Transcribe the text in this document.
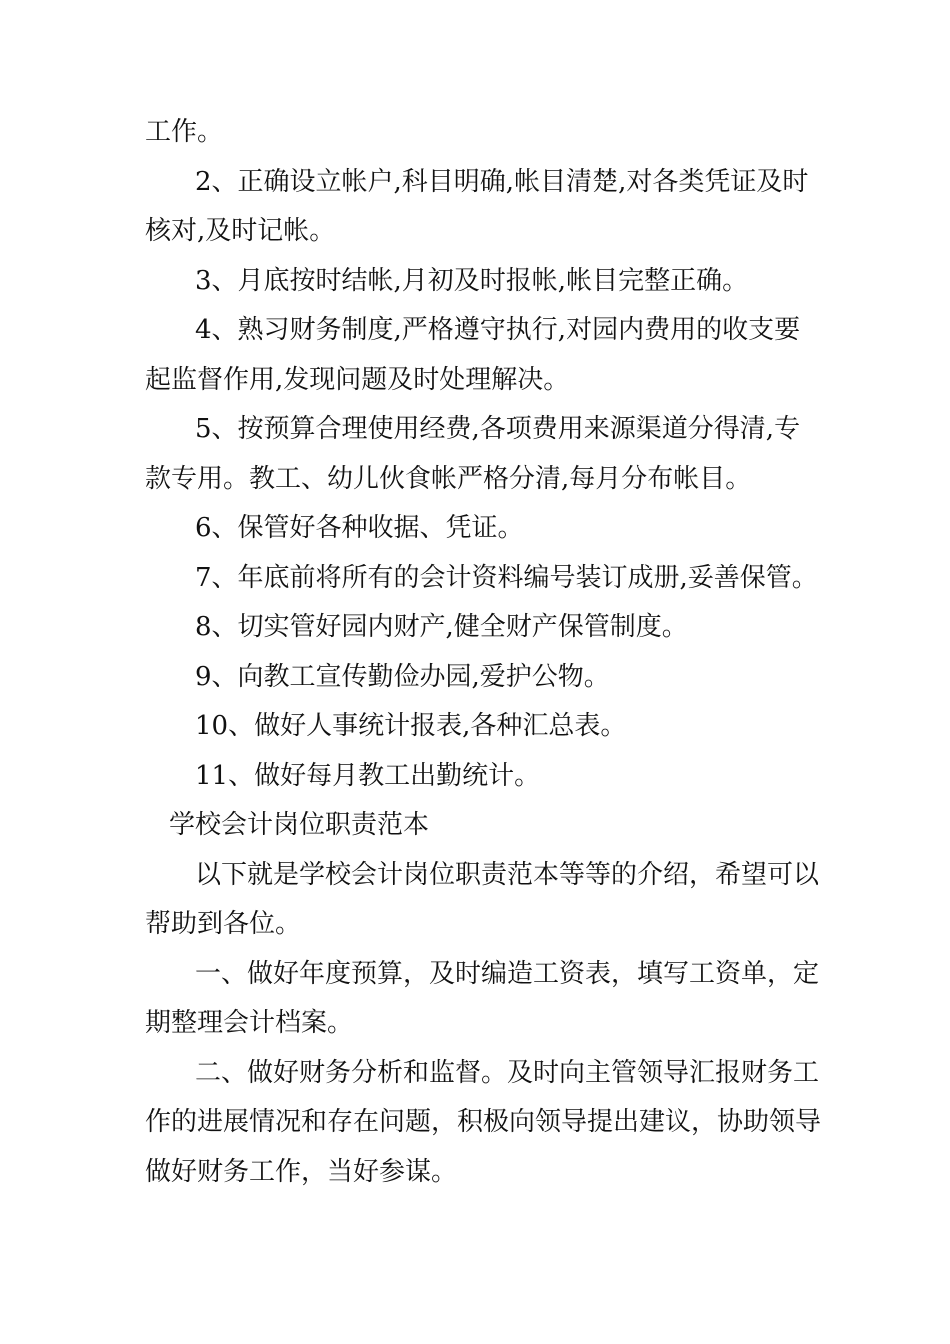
工作。
2、正确设立帐户,科目明确,帐目清楚,对各类凭证及时
核对,及时记帐。
3、月底按时结帐,月初及时报帐,帐目完整正确。
4、熟习财务制度,严格遵守执行,对园内费用的收支要
起监督作用,发现问题及时处理解决。
5、按预算合理使用经费,各项费用来源渠道分得清,专
款专用。教工、幼儿伙食帐严格分清,每月分布帐目。
6、保管好各种收据、凭证。
7、年底前将所有的会计资料编号装订成册,妥善保管。
8、切实管好园内财产,健全财产保管制度。
9、向教工宣传勤俭办园,爱护公物。
10、做好人事统计报表,各种汇总表。
11、做好每月教工出勤统计。
学校会计岗位职责范本
以下就是学校会计岗位职责范本等等的介绍，希望可以
帮助到各位。
一、做好年度预算，及时编造工资表，填写工资单，定
期整理会计档案。
二、做好财务分析和监督。及时向主管领导汇报财务工
作的进展情况和存在问题，积极向领导提出建议，协助领导
做好财务工作，当好参谋。
